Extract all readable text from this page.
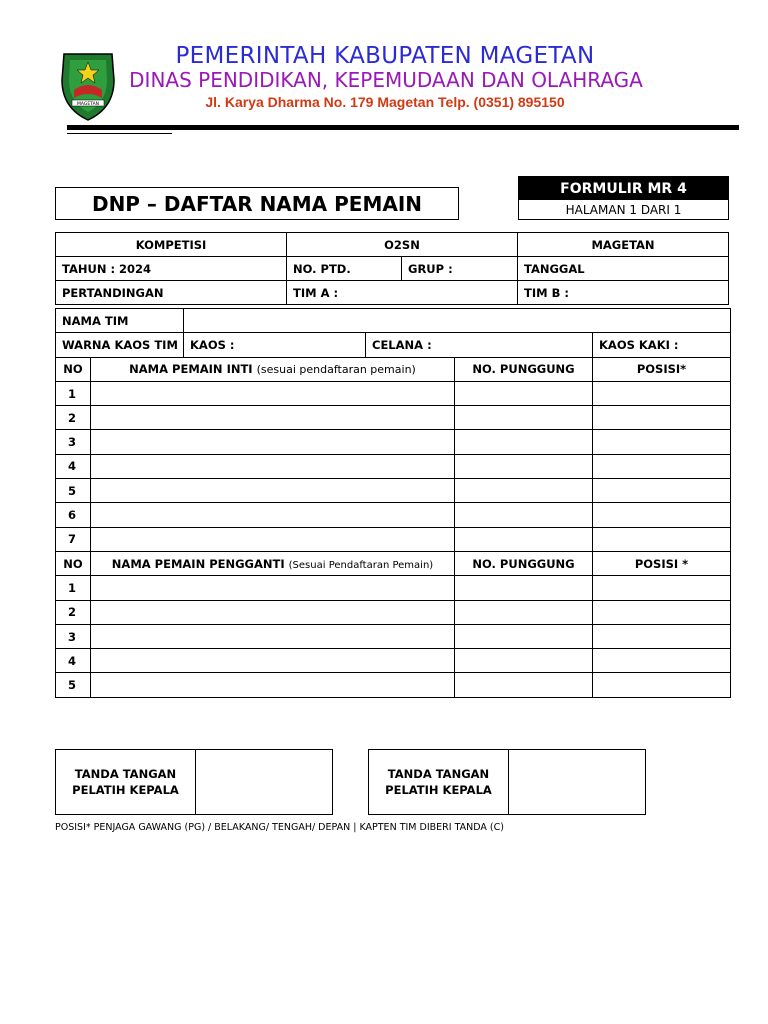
MAGETAN
PEMERINTAH KABUPATEN MAGETAN
DINAS PENDIDIKAN, KEPEMUDAAN DAN OLAHRAGA
Jl. Karya Dharma No. 179 Magetan Telp. (0351) 895150
DNP – DAFTAR NAMA PEMAIN
FORMULIR MR 4
HALAMAN 1 DARI 1
KOMPETISI	O2SN		MAGETAN
TAHUN : 2024	NO. PTD.	GRUP :	TANGGAL
PERTANDINGAN	TIM A :		TIM B :
NAMA TIM					
WARNA KAOS TIM		KAOS :	CELANA :		KAOS KAKI :
NO	NAMA PEMAIN INTI (sesuai pendaftaran pemain)			NO. PUNGGUNG	POSISI*
1					
2					
3					
4					
5					
6					
7					
NO	NAMA PEMAIN PENGGANTI (Sesuai Pendaftaran Pemain)			NO. PUNGGUNG	POSISI *
1					
2					
3					
4					
5					
TANDA TANGAN
PELATIH KEPALA
TANDA TANGAN
PELATIH KEPALA
POSISI* PENJAGA GAWANG (PG) / BELAKANG/ TENGAH/ DEPAN | KAPTEN TIM DIBERI TANDA (C)
